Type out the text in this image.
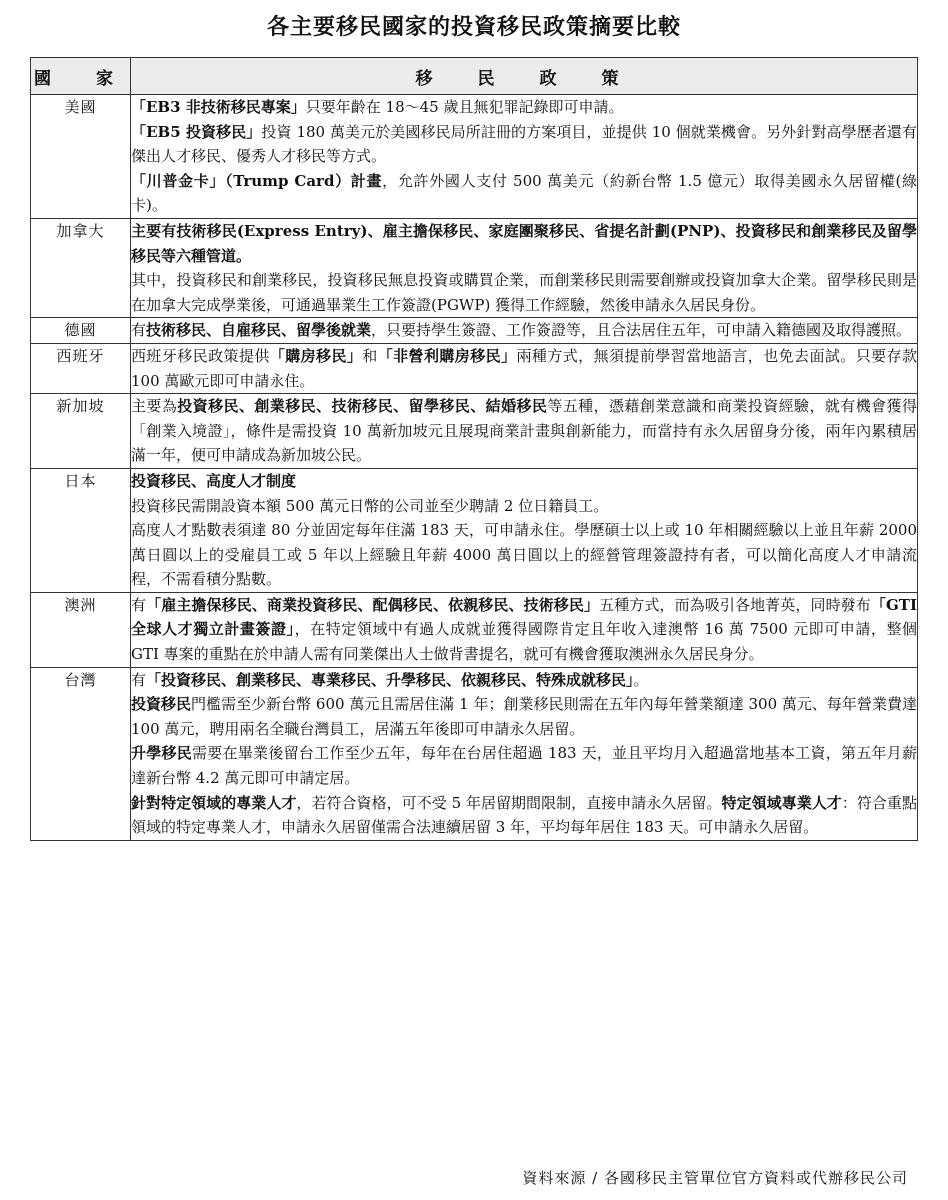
各主要移民國家的投資移民政策摘要比較
國　家	移　民　政　策
美國	「EB3 非技術移民專案」只要年齡在 18～45 歲且無犯罪記錄即可申請。

「EB5 投資移民」投資 180 萬美元於美國移民局所註冊的方案項目，並提供 10 個就業機會。另外針對高學歷者還有傑出人才移民、優秀人才移民等方式。

「川普金卡」（Trump Card）計畫，允許外國人支付 500 萬美元（約新台幣 1.5 億元）取得美國永久居留權(綠卡)。

加拿大	主要有技術移民(Express Entry)、雇主擔保移民、家庭團聚移民、省提名計劃(PNP)、投資移民和創業移民及留學移民等六種管道。

其中，投資移民和創業移民，投資移民無息投資或購買企業，而創業移民則需要創辦或投資加拿大企業。留學移民則是在加拿大完成學業後，可通過畢業生工作簽證(PGWP) 獲得工作經驗，然後申請永久居民身份。

德國	有技術移民、自雇移民、留學後就業，只要持學生簽證、工作簽證等，且合法居住五年，可申請入籍德國及取得護照。

西班牙	西班牙移民政策提供「購房移民」和「非營利購房移民」兩種方式，無須提前學習當地語言，也免去面試。只要存款 100 萬歐元即可申請永住。

新加坡	主要為投資移民、創業移民、技術移民、留學移民、結婚移民等五種，憑藉創業意識和商業投資經驗，就有機會獲得「創業入境證」，條件是需投資 10 萬新加坡元且展現商業計畫與創新能力，而當持有永久居留身分後，兩年內累積居滿一年，便可申請成為新加坡公民。

日本	投資移民、高度人才制度

投資移民需開設資本額 500 萬元日幣的公司並至少聘請 2 位日籍員工。

高度人才點數表須達 80 分並固定每年住滿 183 天，可申請永住。學歷碩士以上或 10 年相關經驗以上並且年薪 2000 萬日圓以上的受雇員工或 5 年以上經驗且年薪 4000 萬日圓以上的經營管理簽證持有者，可以簡化高度人才申請流程，不需看積分點數。

澳洲	有「雇主擔保移民、商業投資移民、配偶移民、依親移民、技術移民」五種方式，而為吸引各地菁英，同時發布「GTI 全球人才獨立計畫簽證」，在特定領域中有過人成就並獲得國際肯定且年收入達澳幣 16 萬 7500 元即可申請，整個 GTI 專案的重點在於申請人需有同業傑出人士做背書提名，就可有機會獲取澳洲永久居民身分。

台灣	有「投資移民、創業移民、專業移民、升學移民、依親移民、特殊成就移民」。

投資移民門檻需至少新台幣 600 萬元且需居住滿 1 年；創業移民則需在五年內每年營業額達 300 萬元、每年營業費達 100 萬元，聘用兩名全職台灣員工，居滿五年後即可申請永久居留。

升學移民需要在畢業後留台工作至少五年，每年在台居住超過 183 天，並且平均月入超過當地基本工資，第五年月薪達新台幣 4.2 萬元即可申請定居。

針對特定領域的專業人才，若符合資格，可不受 5 年居留期間限制，直接申請永久居留。特定領域專業人才：符合重點領域的特定專業人才，申請永久居留僅需合法連續居留 3 年，平均每年居住 183 天。可申請永久居留。

資料來源 / 各國移民主管單位官方資料或代辦移民公司
